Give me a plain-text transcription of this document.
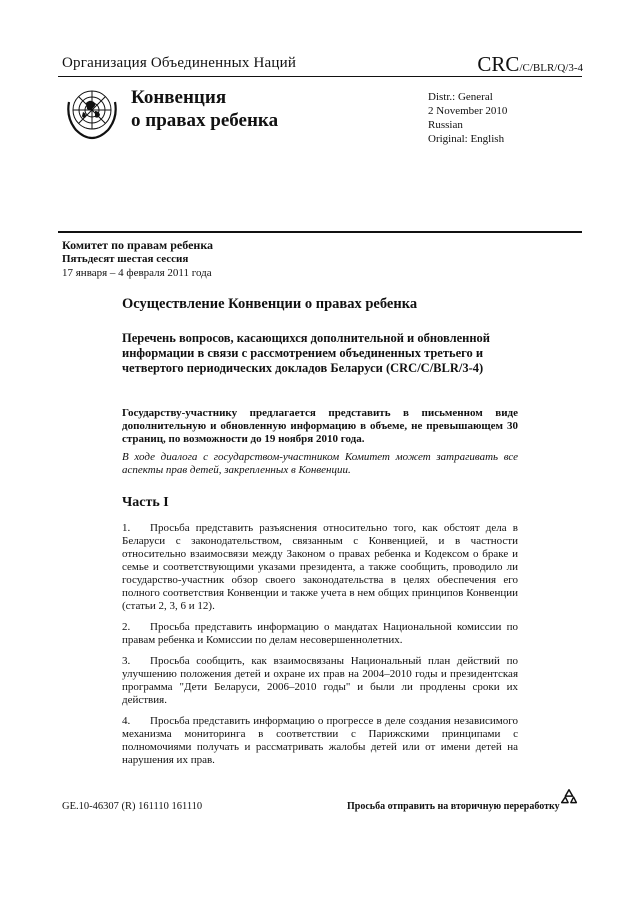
Организация Объединенных Наций	CRC/C/BLR/Q/3-4
Конвенция
о правах ребенка
Distr.: General
2 November 2010
Russian
Original: English
Комитет по правам ребенка
Пятьдесят шестая сессия
17 января – 4 февраля 2011 года
Осуществление Конвенции о правах ребенка
Перечень вопросов, касающихся дополнительной и обновленной информации в связи с рассмотрением объединенных третьего и четвертого периодических докладов Беларуси (CRC/C/BLR/3-4)
Государству-участнику предлагается представить в письменном виде дополнительную и обновленную информацию в объеме, не превышающем 30 страниц, по возможности до 19 ноября 2010 года.
В ходе диалога с государством-участником Комитет может затрагивать все аспекты прав детей, закрепленных в Конвенции.
Часть I
1. Просьба представить разъяснения относительно того, как обстоят дела в Беларуси с законодательством, связанным с Конвенцией, и в частности относительно взаимосвязи между Законом о правах ребенка и Кодексом о браке и семье и соответствующими указами президента, а также сообщить, проводило ли государство-участник обзор своего законодательства в целях обеспечения его полного соответствия Конвенции и также учета в нем общих принципов Конвенции (статьи 2, 3, 6 и 12).
2. Просьба представить информацию о мандатах Национальной комиссии по правам ребенка и Комиссии по делам несовершеннолетних.
3. Просьба сообщить, как взаимосвязаны Национальный план действий по улучшению положения детей и охране их прав на 2004–2010 годы и президентская программа "Дети Беларуси, 2006–2010 годы" и были ли продлены сроки их действия.
4. Просьба представить информацию о прогрессе в деле создания независимого механизма мониторинга в соответствии с Парижскими принципами с полномочиями получать и рассматривать жалобы детей или от имени детей на нарушения их прав.
GE.10-46307 (R) 161110 161110	Просьба отправить на вторичную переработку
